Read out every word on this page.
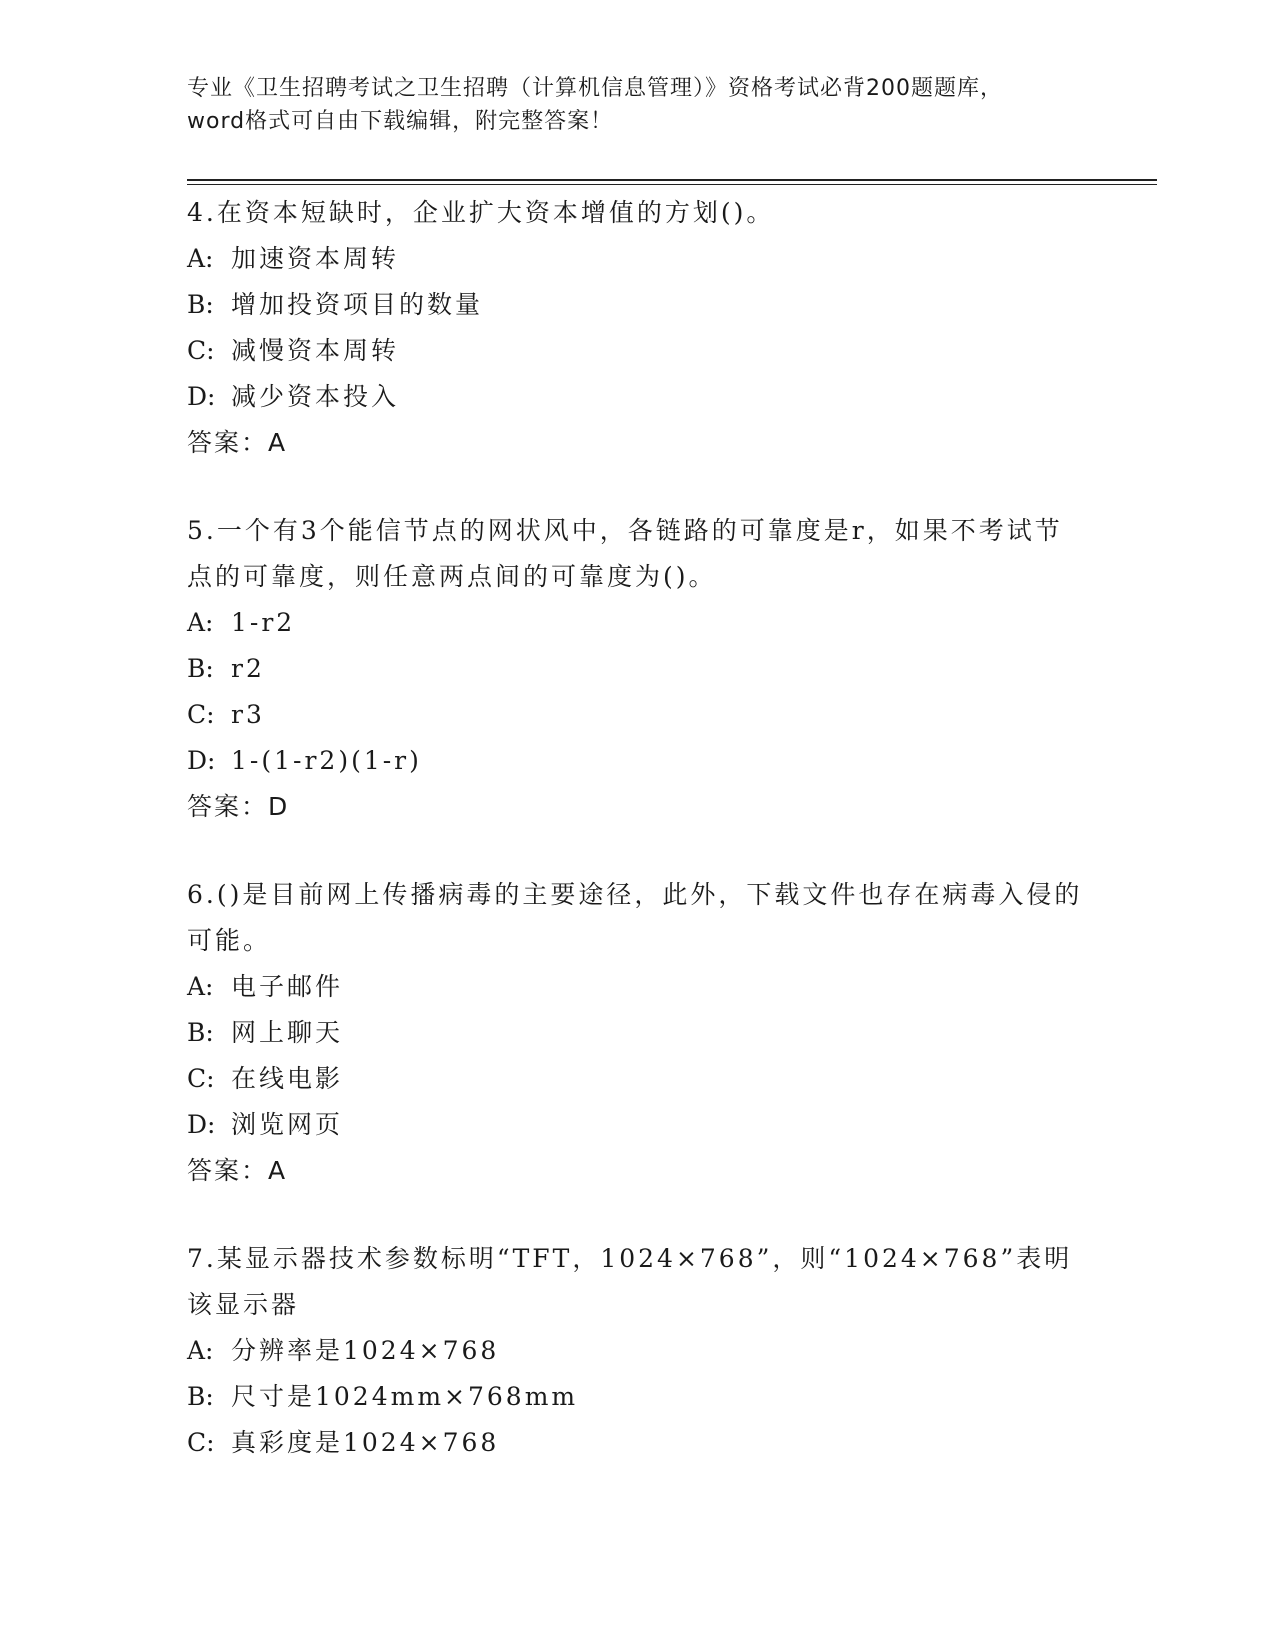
专业《卫生招聘考试之卫生招聘（计算机信息管理）》资格考试必背200题题库，
word格式可自由下载编辑，附完整答案！
4.在资本短缺时，企业扩大资本增值的方划()。
A: 加速资本周转
B: 增加投资项目的数量
C: 减慢资本周转
D: 减少资本投入
答案：A
5.一个有3个能信节点的网状风中，各链路的可靠度是r，如果不考试节点的可靠度，则任意两点间的可靠度为()。
A: 1-r2
B: r2
C: r3
D: 1-(1-r2)(1-r)
答案：D
6.()是目前网上传播病毒的主要途径，此外，下载文件也存在病毒入侵的可能。
A: 电子邮件
B: 网上聊天
C: 在线电影
D: 浏览网页
答案：A
7.某显示器技术参数标明“TFT，1024×768”，则“1024×768”表明该显示器
A: 分辨率是1024×768
B: 尺寸是1024mm×768mm
C: 真彩度是1024×768
